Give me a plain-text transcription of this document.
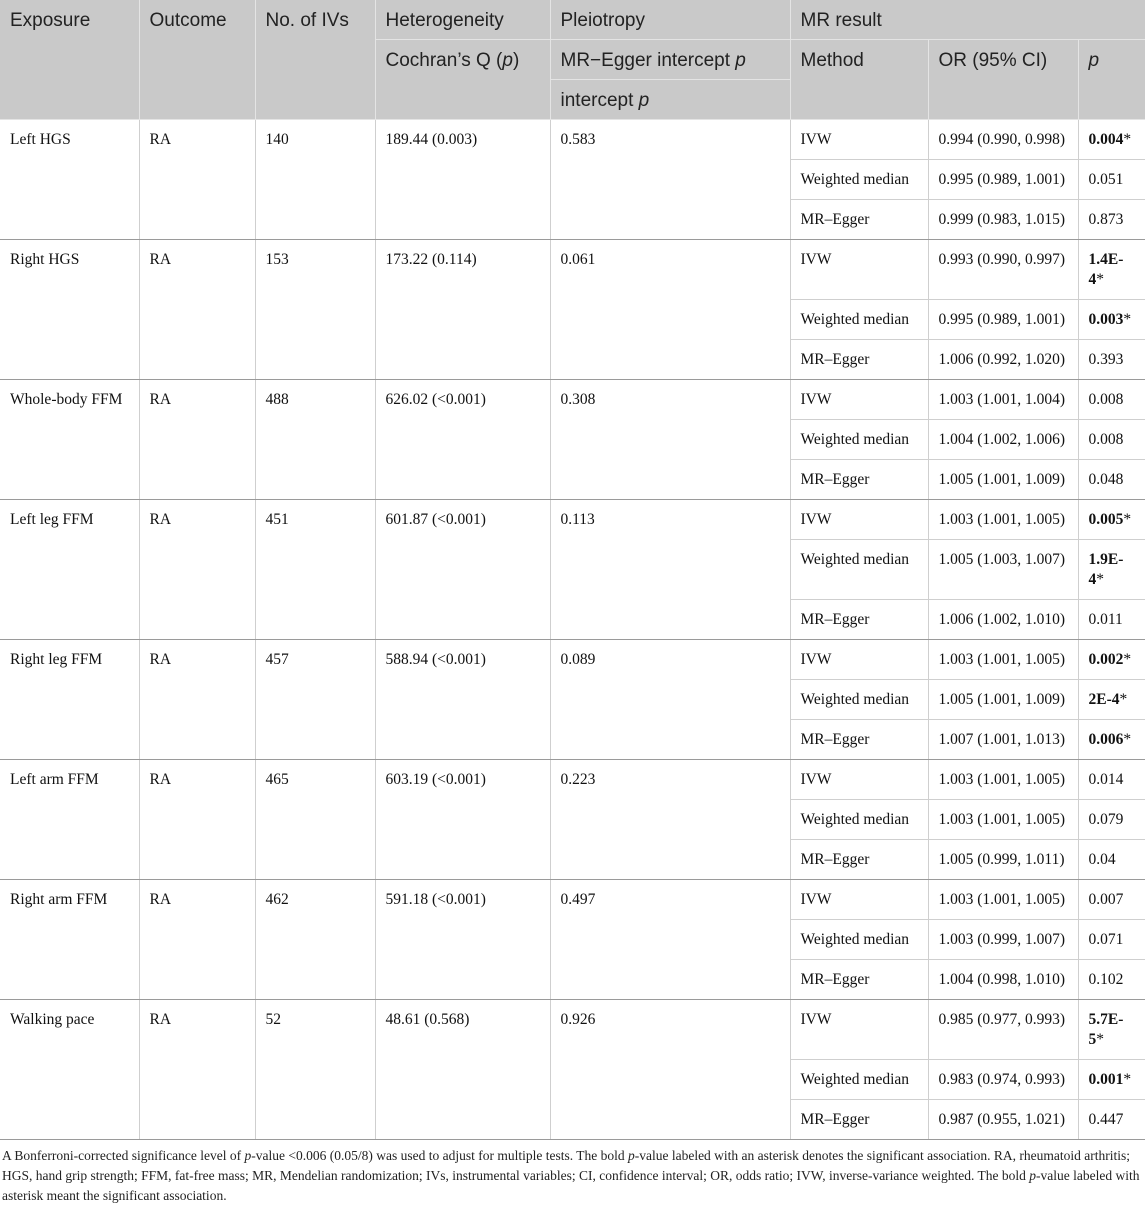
Exposure	Outcome	No. of IVs	Heterogeneity	Pleiotropy	MR result		
			Cochran’s Q (p)	MR−Egger intercept p	Method	OR (95% CI)	p
				intercept p			
Left HGS	RA	140	189.44 (0.003)	0.583	IVW	0.994 (0.990, 0.998)	0.004*
					Weighted median	0.995 (0.989, 1.001)	0.051
					MR–Egger	0.999 (0.983, 1.015)	0.873
Right HGS	RA	153	173.22 (0.114)	0.061	IVW	0.993 (0.990, 0.997)	1.4E-4*
					Weighted median	0.995 (0.989, 1.001)	0.003*
					MR–Egger	1.006 (0.992, 1.020)	0.393
Whole-body FFM	RA	488	626.02 (<0.001)	0.308	IVW	1.003 (1.001, 1.004)	0.008
					Weighted median	1.004 (1.002, 1.006)	0.008
					MR–Egger	1.005 (1.001, 1.009)	0.048
Left leg FFM	RA	451	601.87 (<0.001)	0.113	IVW	1.003 (1.001, 1.005)	0.005*
					Weighted median	1.005 (1.003, 1.007)	1.9E-4*
					MR–Egger	1.006 (1.002, 1.010)	0.011
Right leg FFM	RA	457	588.94 (<0.001)	0.089	IVW	1.003 (1.001, 1.005)	0.002*
					Weighted median	1.005 (1.001, 1.009)	2E-4*
					MR–Egger	1.007 (1.001, 1.013)	0.006*
Left arm FFM	RA	465	603.19 (<0.001)	0.223	IVW	1.003 (1.001, 1.005)	0.014
					Weighted median	1.003 (1.001, 1.005)	0.079
					MR–Egger	1.005 (0.999, 1.011)	0.04
Right arm FFM	RA	462	591.18 (<0.001)	0.497	IVW	1.003 (1.001, 1.005)	0.007
					Weighted median	1.003 (0.999, 1.007)	0.071
					MR–Egger	1.004 (0.998, 1.010)	0.102
Walking pace	RA	52	48.61 (0.568)	0.926	IVW	0.985 (0.977, 0.993)	5.7E-5*
					Weighted median	0.983 (0.974, 0.993)	0.001*
					MR–Egger	0.987 (0.955, 1.021)	0.447
A Bonferroni-corrected significance level of p-value <0.006 (0.05/8) was used to adjust for multiple tests. The bold p-value labeled with an asterisk denotes the significant association. RA, rheumatoid arthritis; HGS, hand grip strength; FFM, fat-free mass; MR, Mendelian randomization; IVs, instrumental variables; CI, confidence interval; OR, odds ratio; IVW, inverse-variance weighted. The bold p-value labeled with asterisk meant the significant association.
